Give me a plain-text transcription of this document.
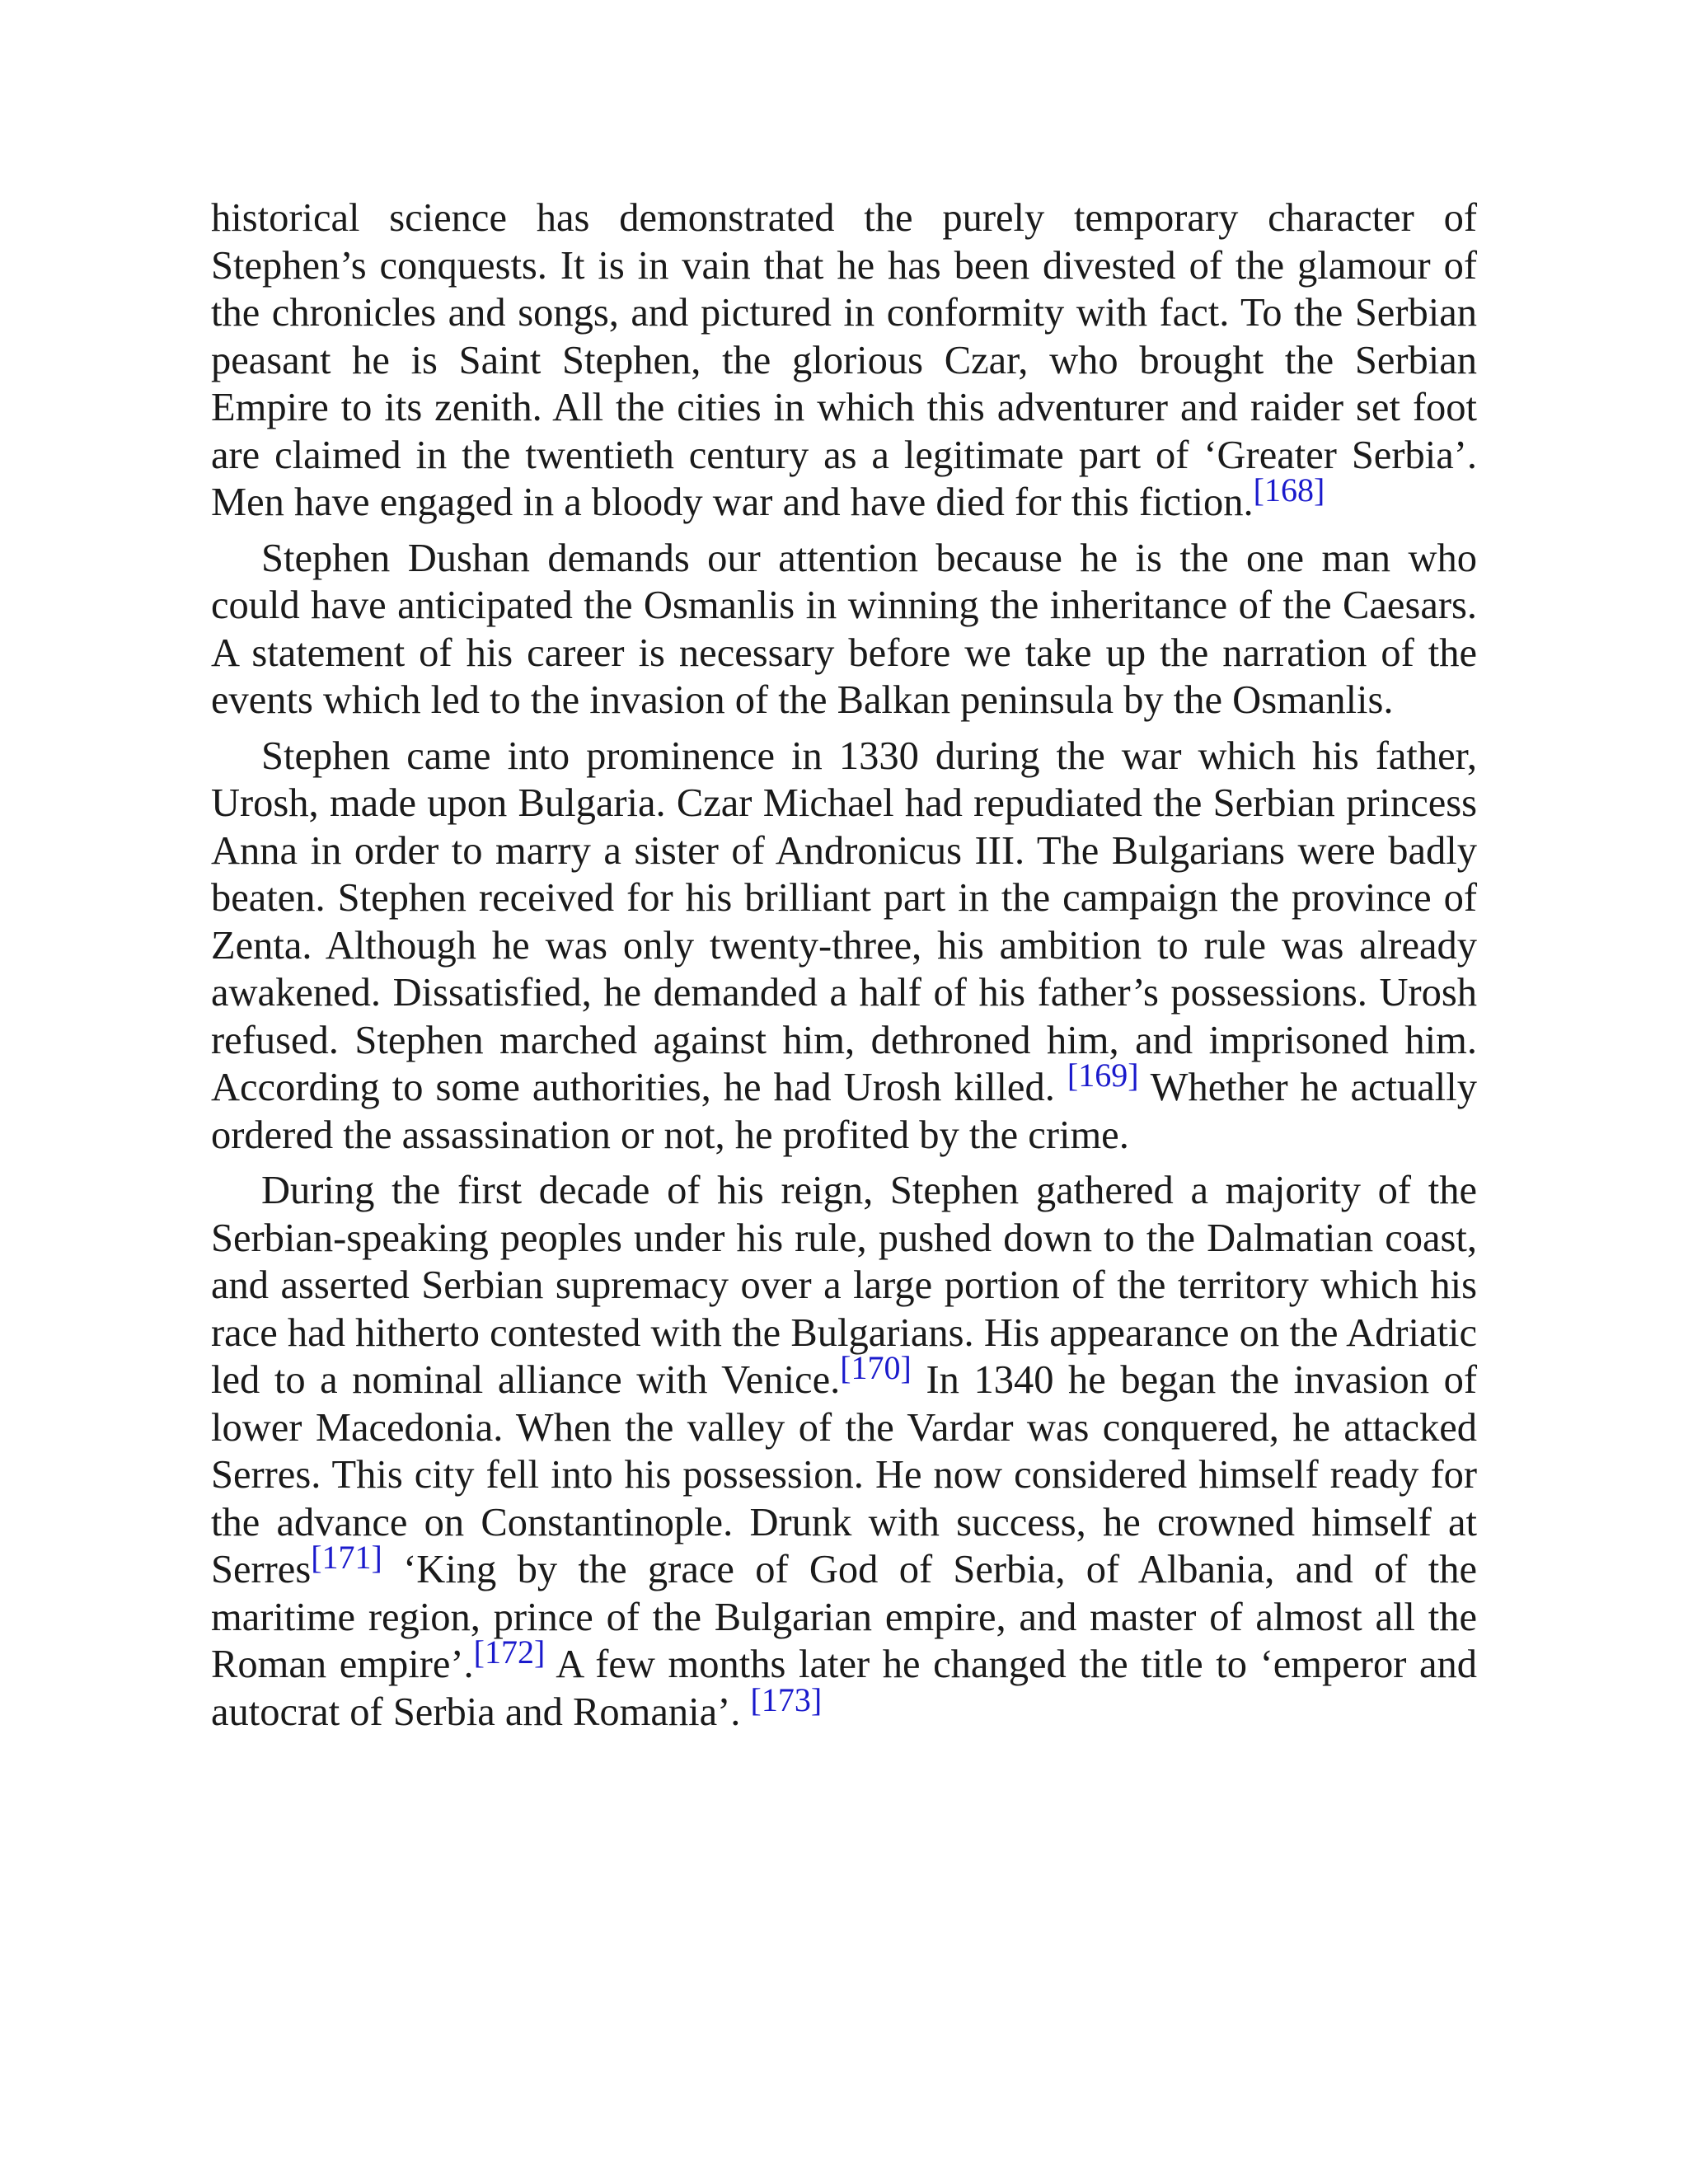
historical science has demonstrated the purely temporary character of Stephen’s conquests. It is in vain that he has been divested of the glamour of the chronicles and songs, and pictured in conformity with fact. To the Serbian peasant he is Saint Stephen, the glorious Czar, who brought the Serbian Empire to its zenith. All the cities in which this adventurer and raider set foot are claimed in the twentieth century as a legitimate part of ‘Greater Serbia’. Men have engaged in a bloody war and have died for this fiction.[168]

Stephen Dushan demands our attention because he is the one man who could have anticipated the Osmanlis in winning the inheritance of the Caesars. A statement of his career is necessary before we take up the narration of the events which led to the invasion of the Balkan peninsula by the Osmanlis.

Stephen came into prominence in 1330 during the war which his father, Urosh, made upon Bulgaria. Czar Michael had repudiated the Serbian princess Anna in order to marry a sister of Andronicus III. The Bulgarians were badly beaten. Stephen received for his brilliant part in the campaign the province of Zenta. Although he was only twenty-three, his ambition to rule was already awakened. Dissatisfied, he demanded a half of his father’s possessions. Urosh refused. Stephen marched against him, dethroned him, and imprisoned him. According to some authorities, he had Urosh killed. [169] Whether he actually ordered the assassination or not, he profited by the crime.

During the first decade of his reign, Stephen gathered a majority of the Serbian-speaking peoples under his rule, pushed down to the Dalmatian coast, and asserted Serbian supremacy over a large portion of the territory which his race had hitherto contested with the Bulgarians. His appearance on the Adriatic led to a nominal alliance with Venice.[170] In 1340 he began the invasion of lower Macedonia. When the valley of the Vardar was conquered, he attacked Serres. This city fell into his possession. He now considered himself ready for the advance on Constantinople. Drunk with success, he crowned himself at Serres[171] ‘King by the grace of God of Serbia, of Albania, and of the maritime region, prince of the Bulgarian empire, and master of almost all the Roman empire’.[172] A few months later he changed the title to ‘emperor and autocrat of Serbia and Romania’. [173]
